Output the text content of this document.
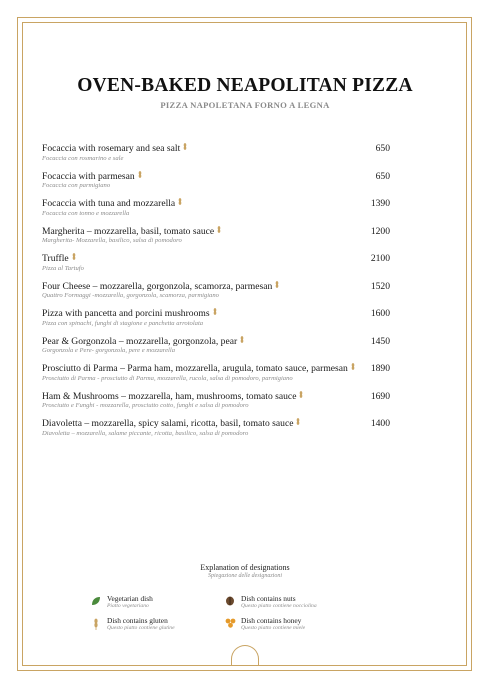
OVEN-BAKED NEAPOLITAN PIZZA
PIZZA NAPOLETANA FORNO A LEGNA
Focaccia with rosemary and sea salt
Focaccia con rosmarino e sale
650
Focaccia with parmesan
Focaccia con parmigiano
650
Focaccia with tuna and mozzarella
Focaccia con tonno e mozzarella
1390
Margherita – mozzarella, basil, tomato sauce
Margherita- Mozzarella, basilico, salsa di pomodoro
1200
Truffle
Pizza al Tartufo
2100
Four Cheese – mozzarella, gorgonzola, scamorza, parmesan
Quattro Formaggi -mozzarella, gorgonzola, scamorza, parmigiano
1520
Pizza with pancetta and porcini mushrooms
Pizza con spinachi, funghi di stagione e panchetta arrotolata
1600
Pear & Gorgonzola – mozzarella, gorgonzola, pear
Gorgonzola e Pere- gorgonzola, pere e mozzarella
1450
Prosciutto di Parma – Parma ham, mozzarella, arugula, tomato sauce, parmesan
Prosciutto di Parma - prosciutto di Parma, mozzarella, rucola, salsa di pomodoro, parmigiano
1890
Ham & Mushrooms – mozzarella, ham, mushrooms, tomato sauce
Prosciutto e Funghi - mozzarella, prosciutto cotto, funghi e salsa di pomodoro
1690
Diavoletta – mozzarella, spicy salami, ricotta, basil, tomato sauce
Diavoletta – mozzarella, salame piccante, ricotta, basilico, salsa di pomodoro
1400
Explanation of designations
Spiegazione delle designazioni
Vegetarian dish
Piatto vegetariano
Dish contains nuts
Questo piatto contiene nocciolina
Dish contains gluten
Questo piatto contiene glutine
Dish contains honey
Questo piatto contiene miele
